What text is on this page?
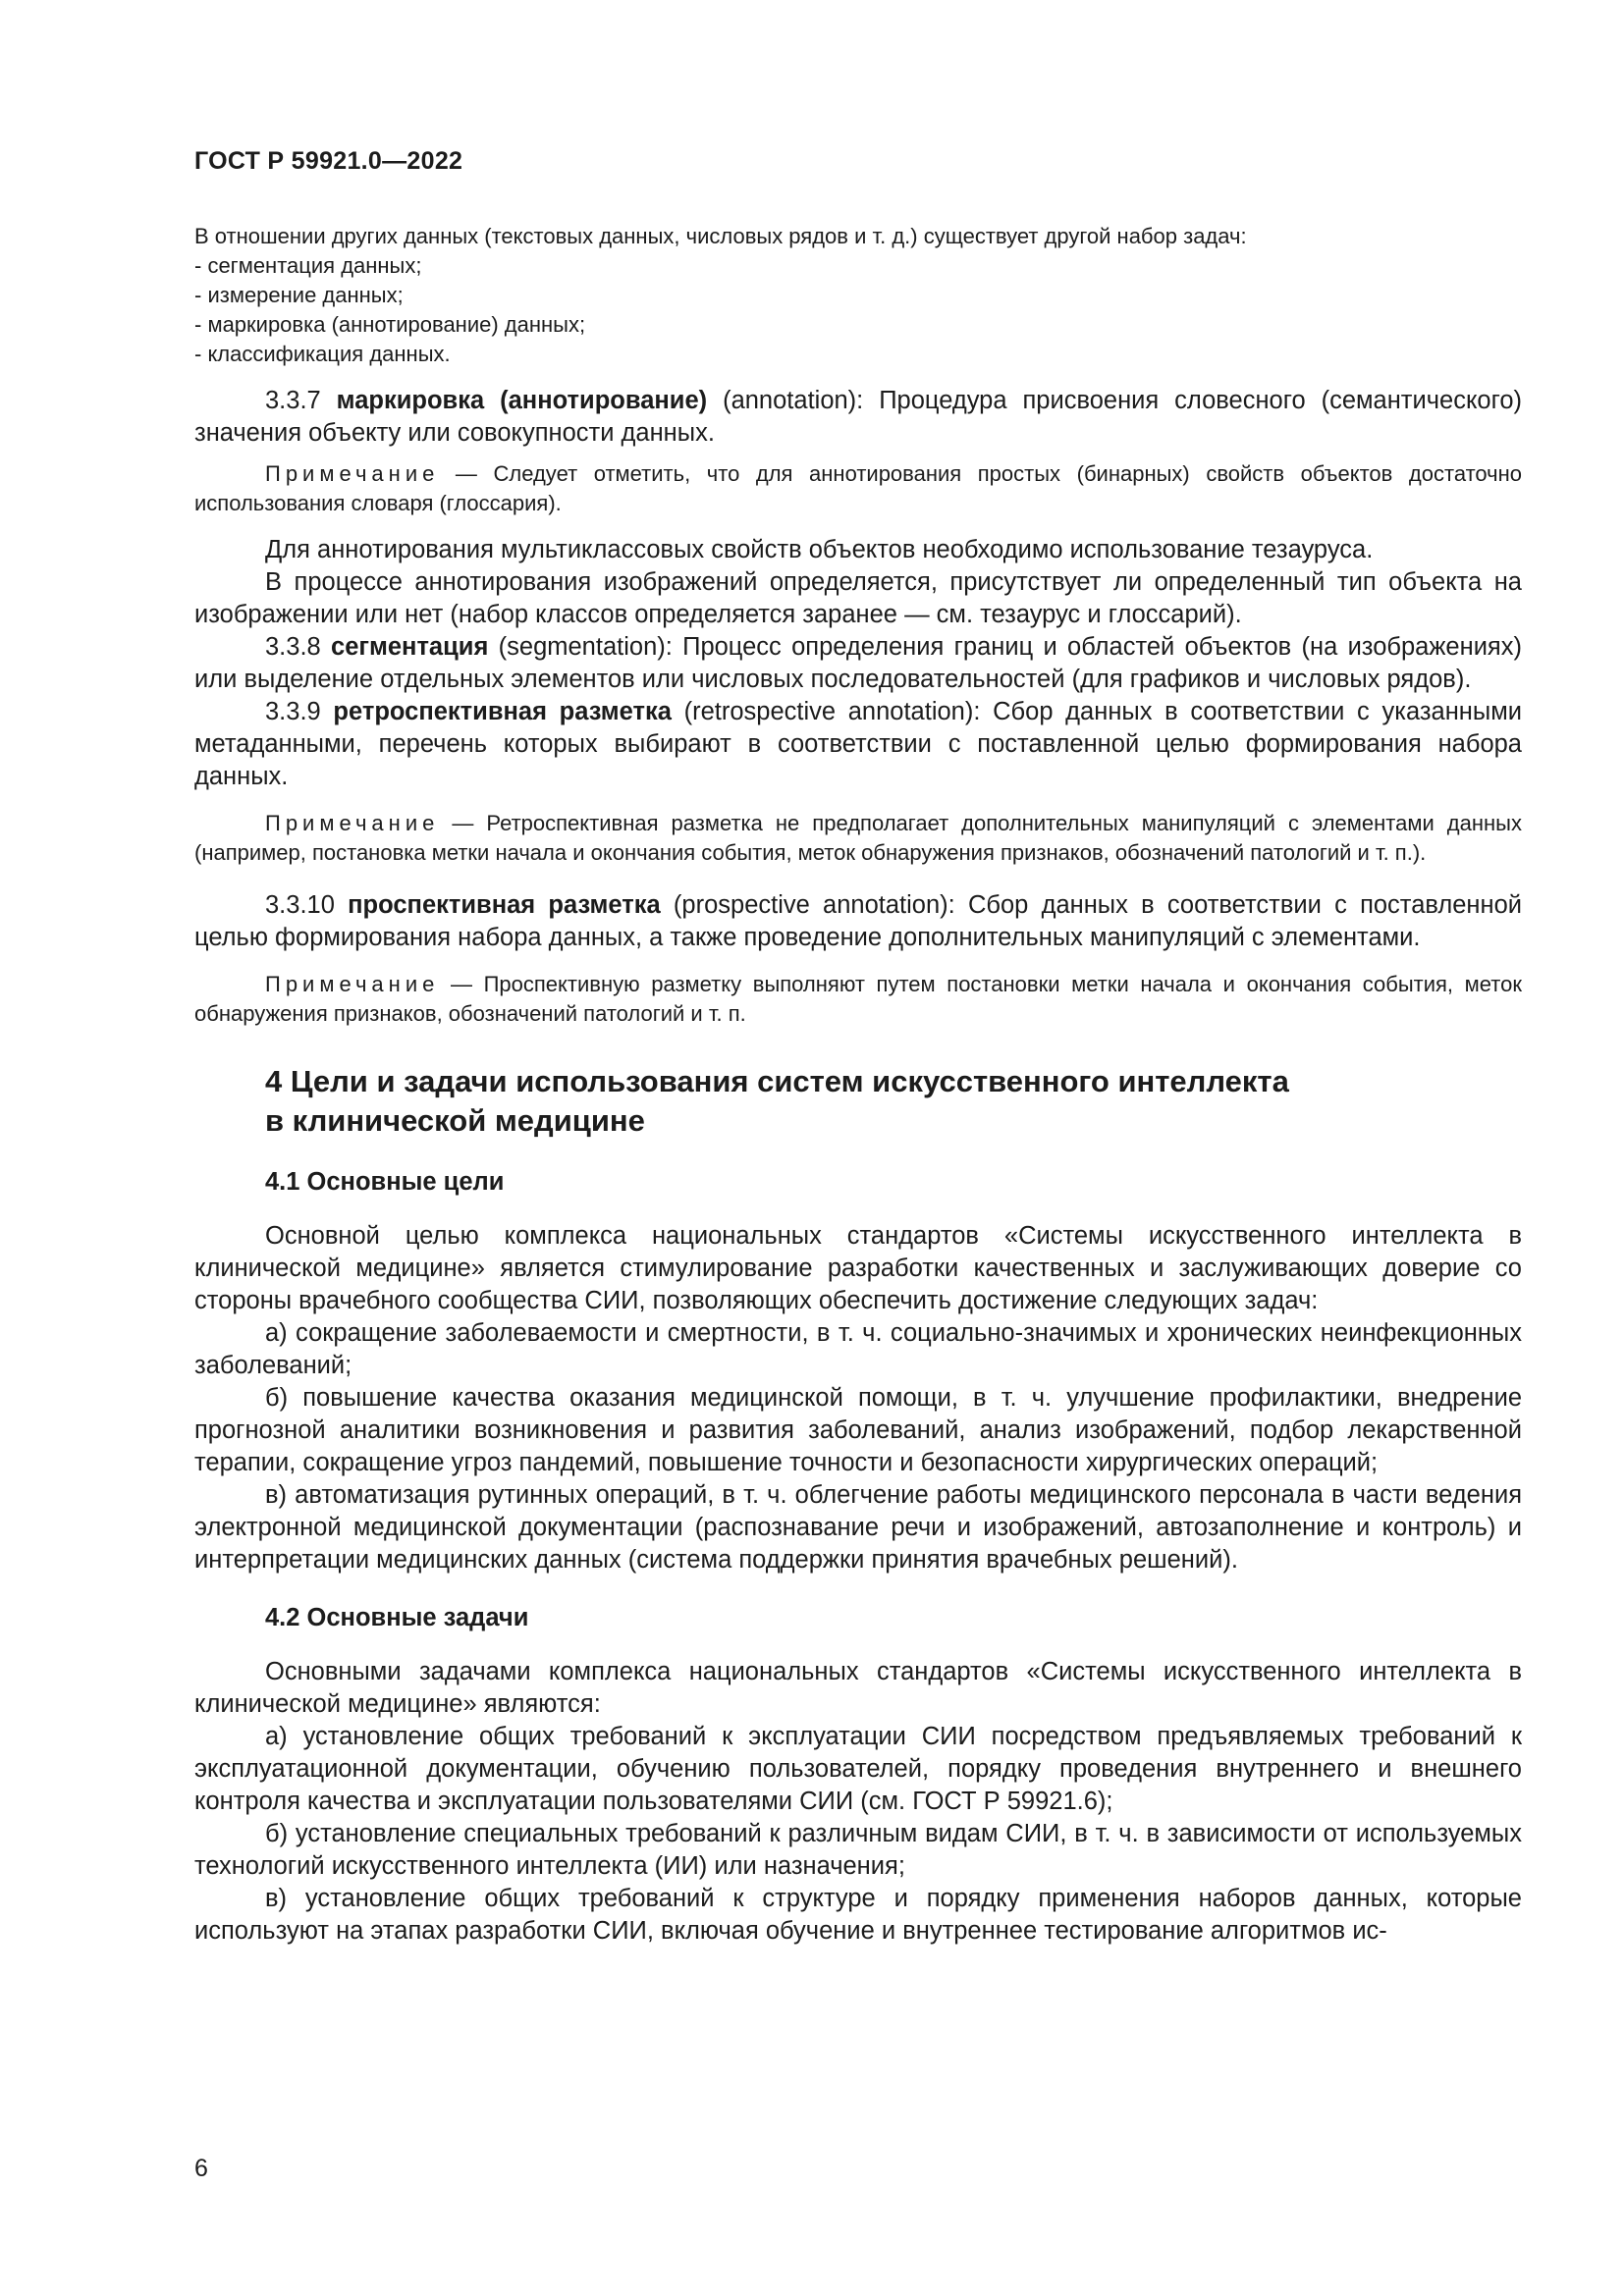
ГОСТ Р 59921.0—2022

В отношении других данных (текстовых данных, числовых рядов и т. д.) существует другой набор задач:

- сегментация данных;
- измерение данных;
- маркировка (аннотирование) данных;
- классификация данных.

3.3.7 маркировка (аннотирование) (annotation): Процедура присвоения словесного (семантического) значения объекту или совокупности данных.

Примечание — Следует отметить, что для аннотирования простых (бинарных) свойств объектов достаточно использования словаря (глоссария).

Для аннотирования мультиклассовых свойств объектов необходимо использование тезауруса.

В процессе аннотирования изображений определяется, присутствует ли определенный тип объекта на изображении или нет (набор классов определяется заранее — см. тезаурус и глоссарий).

3.3.8 сегментация (segmentation): Процесс определения границ и областей объектов (на изображениях) или выделение отдельных элементов или числовых последовательностей (для графиков и числовых рядов).

3.3.9 ретроспективная разметка (retrospective annotation): Сбор данных в соответствии с указанными метаданными, перечень которых выбирают в соответствии с поставленной целью формирования набора данных.

Примечание — Ретроспективная разметка не предполагает дополнительных манипуляций с элементами данных (например, постановка метки начала и окончания события, меток обнаружения признаков, обозначений патологий и т. п.).

3.3.10 проспективная разметка (prospective annotation): Сбор данных в соответствии с поставленной целью формирования набора данных, а также проведение дополнительных манипуляций с элементами.

Примечание — Проспективную разметку выполняют путем постановки метки начала и окончания события, меток обнаружения признаков, обозначений патологий и т. п.

4 Цели и задачи использования систем искусственного интеллекта
в клинической медицине
4.1 Основные цели

Основной целью комплекса национальных стандартов «Системы искусственного интеллекта в клинической медицине» является стимулирование разработки качественных и заслуживающих доверие со стороны врачебного сообщества СИИ, позволяющих обеспечить достижение следующих задач:

а) сокращение заболеваемости и смертности, в т. ч. социально-значимых и хронических неинфекционных заболеваний;

б) повышение качества оказания медицинской помощи, в т. ч. улучшение профилактики, внедрение прогнозной аналитики возникновения и развития заболеваний, анализ изображений, подбор лекарственной терапии, сокращение угроз пандемий, повышение точности и безопасности хирургических операций;

в) автоматизация рутинных операций, в т. ч. облегчение работы медицинского персонала в части ведения электронной медицинской документации (распознавание речи и изображений, автозаполнение и контроль) и интерпретации медицинских данных (система поддержки принятия врачебных решений).

4.2 Основные задачи

Основными задачами комплекса национальных стандартов «Системы искусственного интеллекта в клинической медицине» являются:

а) установление общих требований к эксплуатации СИИ посредством предъявляемых требований к эксплуатационной документации, обучению пользователей, порядку проведения внутреннего и внешнего контроля качества и эксплуатации пользователями СИИ (см. ГОСТ Р 59921.6);

б) установление специальных требований к различным видам СИИ, в т. ч. в зависимости от используемых технологий искусственного интеллекта (ИИ) или назначения;

в) установление общих требований к структуре и порядку применения наборов данных, которые используют на этапах разработки СИИ, включая обучение и внутреннее тестирование алгоритмов ис-

6
